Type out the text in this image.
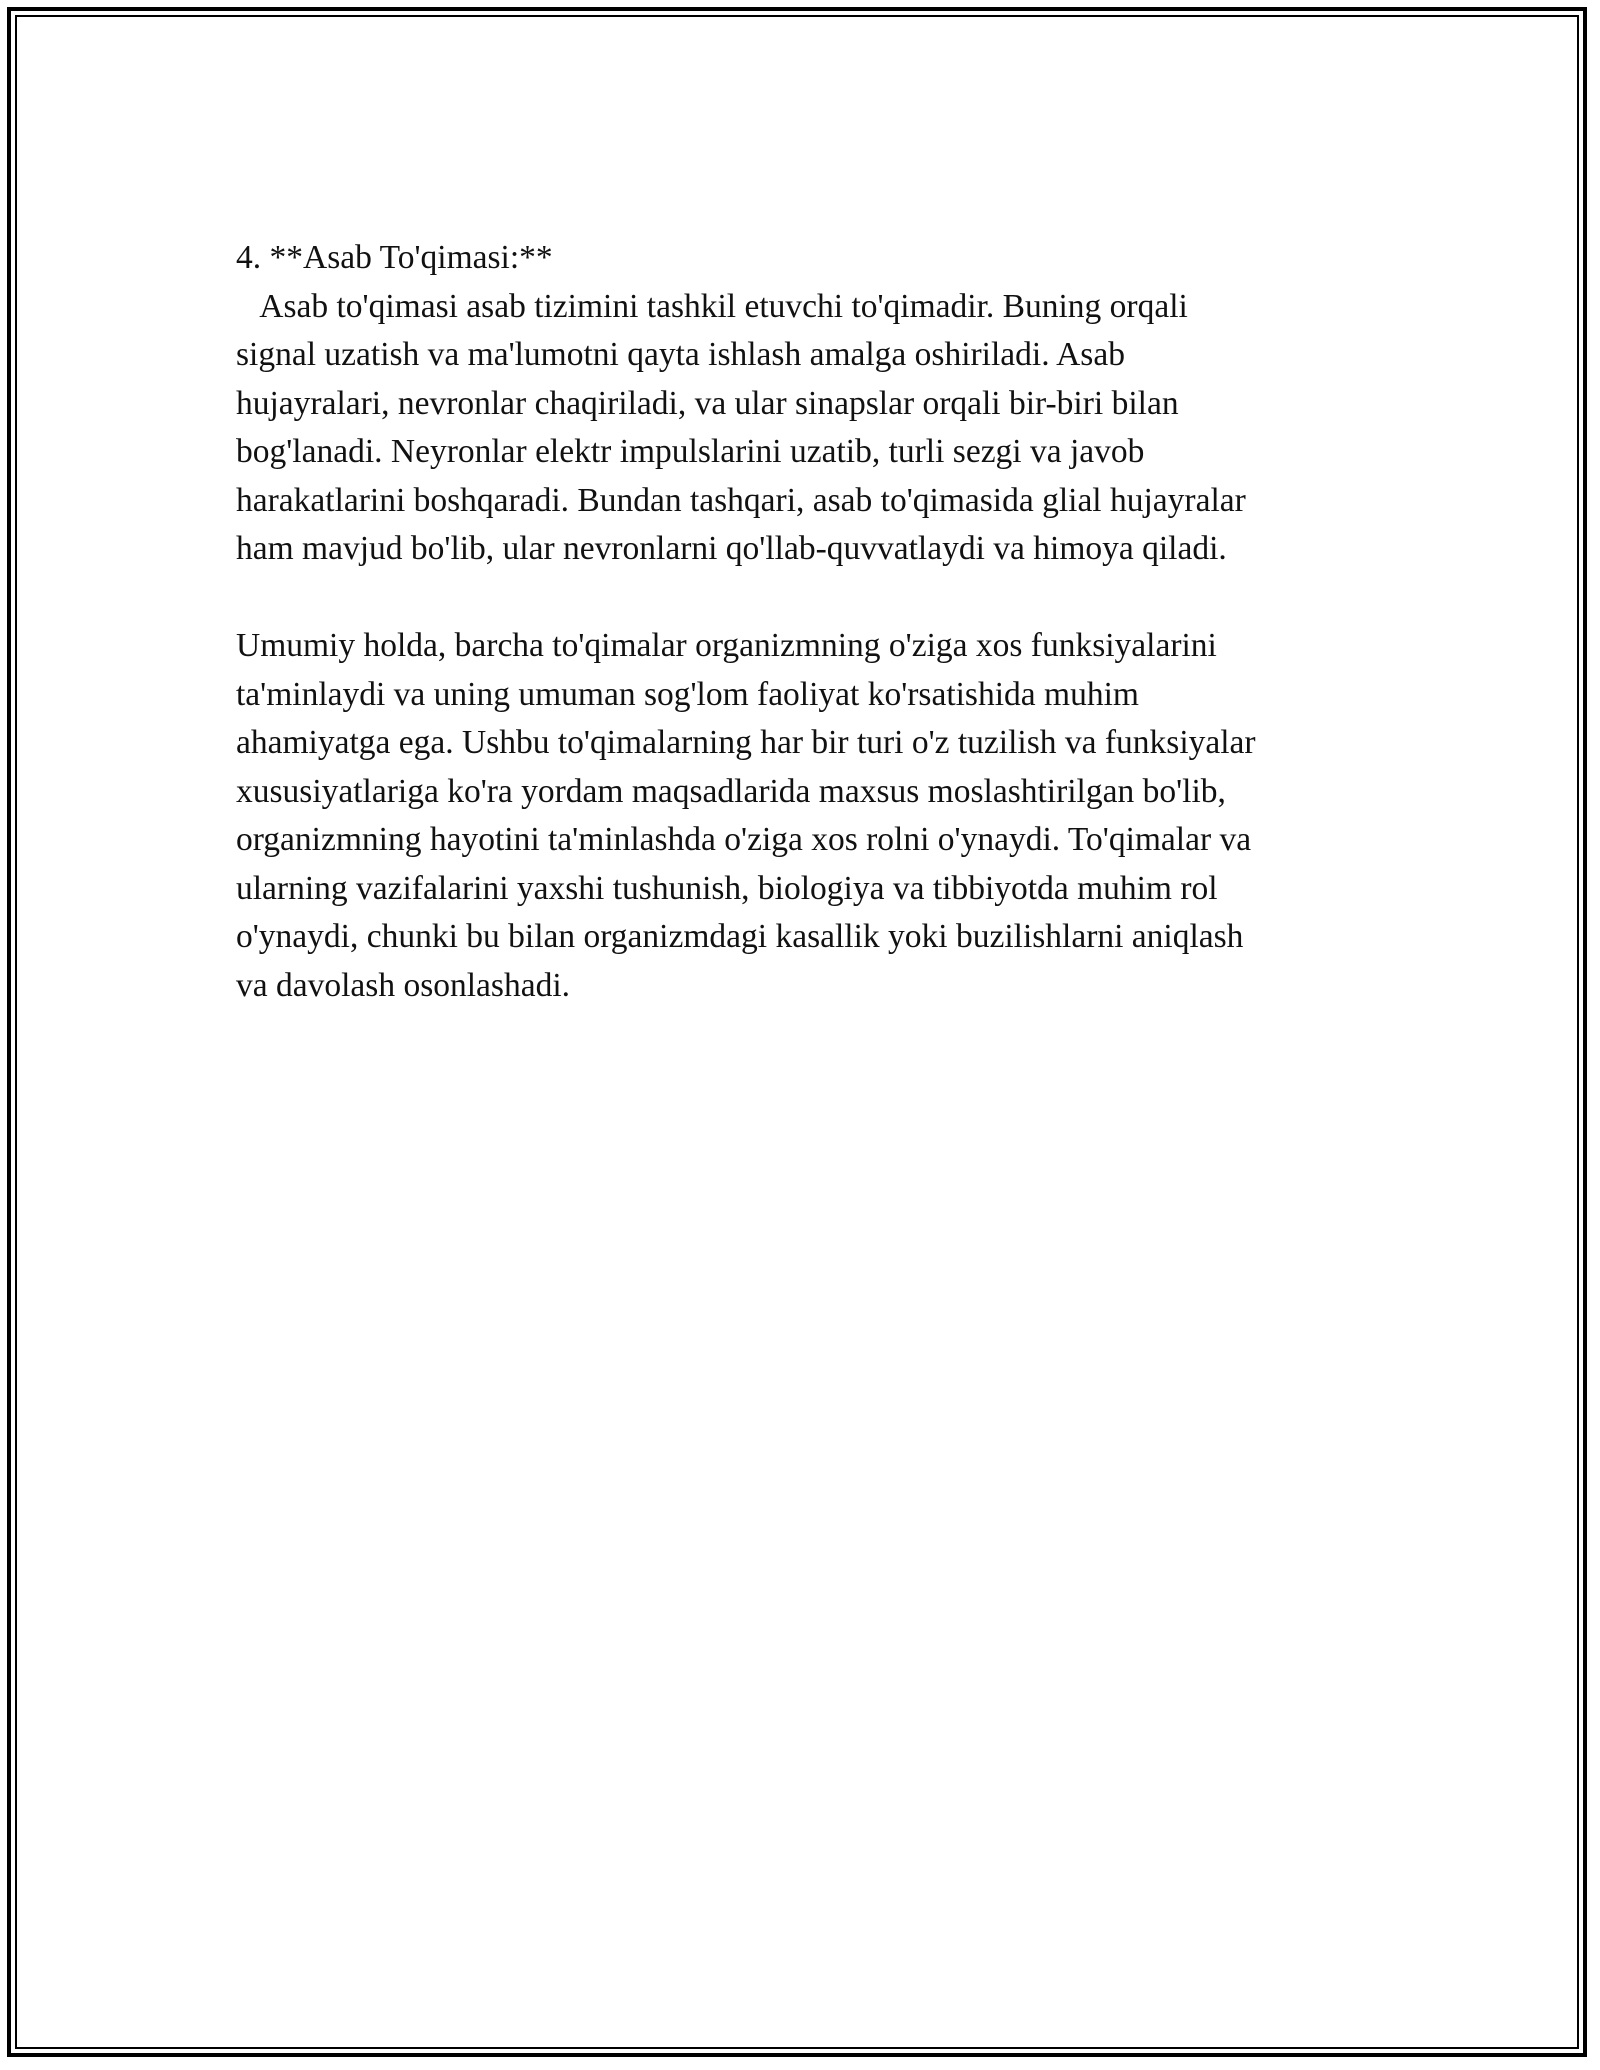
4. **Asab To'qimasi:**
Asab to'qimasi asab tizimini tashkil etuvchi to'qimadir. Buning orqali
signal uzatish va ma'lumotni qayta ishlash amalga oshiriladi. Asab
hujayralari, nevronlar chaqiriladi, va ular sinapslar orqali bir-biri bilan
bog'lanadi. Neyronlar elektr impulslarini uzatib, turli sezgi va javob
harakatlarini boshqaradi. Bundan tashqari, asab to'qimasida glial hujayralar
ham mavjud bo'lib, ular nevronlarni qo'llab-quvvatlaydi va himoya qiladi.
Umumiy holda, barcha to'qimalar organizmning o'ziga xos funksiyalarini
ta'minlaydi va uning umuman sog'lom faoliyat ko'rsatishida muhim
ahamiyatga ega. Ushbu to'qimalarning har bir turi o'z tuzilish va funksiyalar
xususiyatlariga ko'ra yordam maqsadlarida maxsus moslashtirilgan bo'lib,
organizmning hayotini ta'minlashda o'ziga xos rolni o'ynaydi. To'qimalar va
ularning vazifalarini yaxshi tushunish, biologiya va tibbiyotda muhim rol
o'ynaydi, chunki bu bilan organizmdagi kasallik yoki buzilishlarni aniqlash
va davolash osonlashadi.
